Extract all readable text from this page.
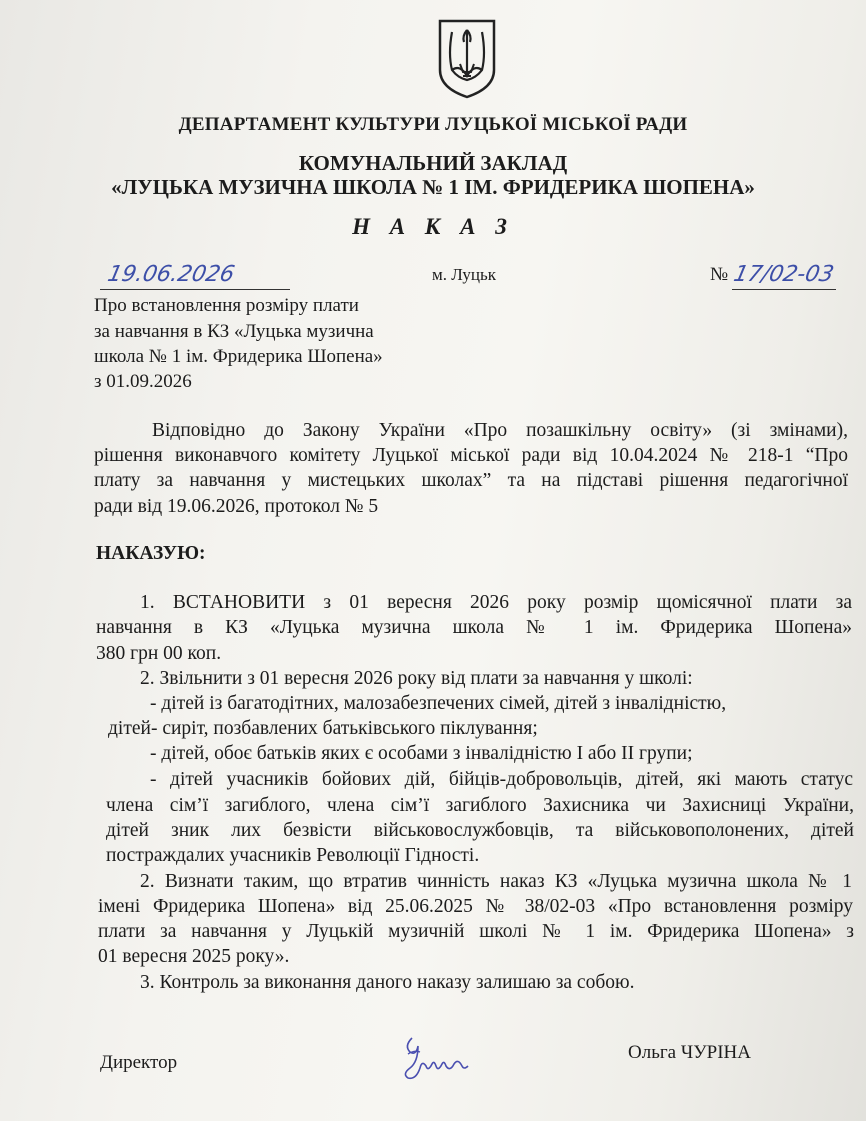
ДЕПАРТАМЕНТ КУЛЬТУРИ ЛУЦЬКОЇ МІСЬКОЇ РАДИ
КОМУНАЛЬНИЙ ЗАКЛАД
«ЛУЦЬКА МУЗИЧНА ШКОЛА № 1 ІМ. ФРИДЕРИКА ШОПЕНА»
Н А К А З
19.06.2026	м. Луцьк	№ 17/02-03
Про встановлення розміру плати
за навчання в КЗ «Луцька музична
школа № 1 ім. Фридерика Шопена»
з 01.09.2026
Відповідно до Закону України «Про позашкільну освіту» (зі змінами),
рішення виконавчого комітету Луцької міської ради від 10.04.2024 № 218-1 “Про
плату за навчання у мистецьких школах” та на підставі рішення педагогічної
ради від 19.06.2026, протокол № 5
НАКАЗУЮ:
1. ВСТАНОВИТИ з 01 вересня 2026 року розмір щомісячної плати за
навчання в КЗ «Луцька музична школа № 1 ім. Фридерика Шопена»
380 грн 00 коп.
2. Звільнити з 01 вересня 2026 року від плати за навчання у школі:
- дітей із багатодітних, малозабезпечених сімей, дітей з інвалідністю,
дітей- сиріт, позбавлених батьківського піклування;
- дітей, обоє батьків яких є особами з інвалідністю I або II групи;
- дітей учасників бойових дій, бійців-добровольців, дітей, які мають статус
члена сім’ї загиблого, члена сім’ї загиблого Захисника чи Захисниці України,
дітей зник лих безвісти військовослужбовців, та військовополонених, дітей
постраждалих учасників Революції Гідності.
2. Визнати таким, що втратив чинність наказ КЗ «Луцька музична школа № 1
імені Фридерика Шопена» від 25.06.2025 № 38/02-03 «Про встановлення розміру
плати за навчання у Луцькій музичній школі № 1 ім. Фридерика Шопена» з
01 вересня 2025 року».
3. Контроль за виконання даного наказу залишаю за собою.
Директор	Ольга ЧУРІНА
